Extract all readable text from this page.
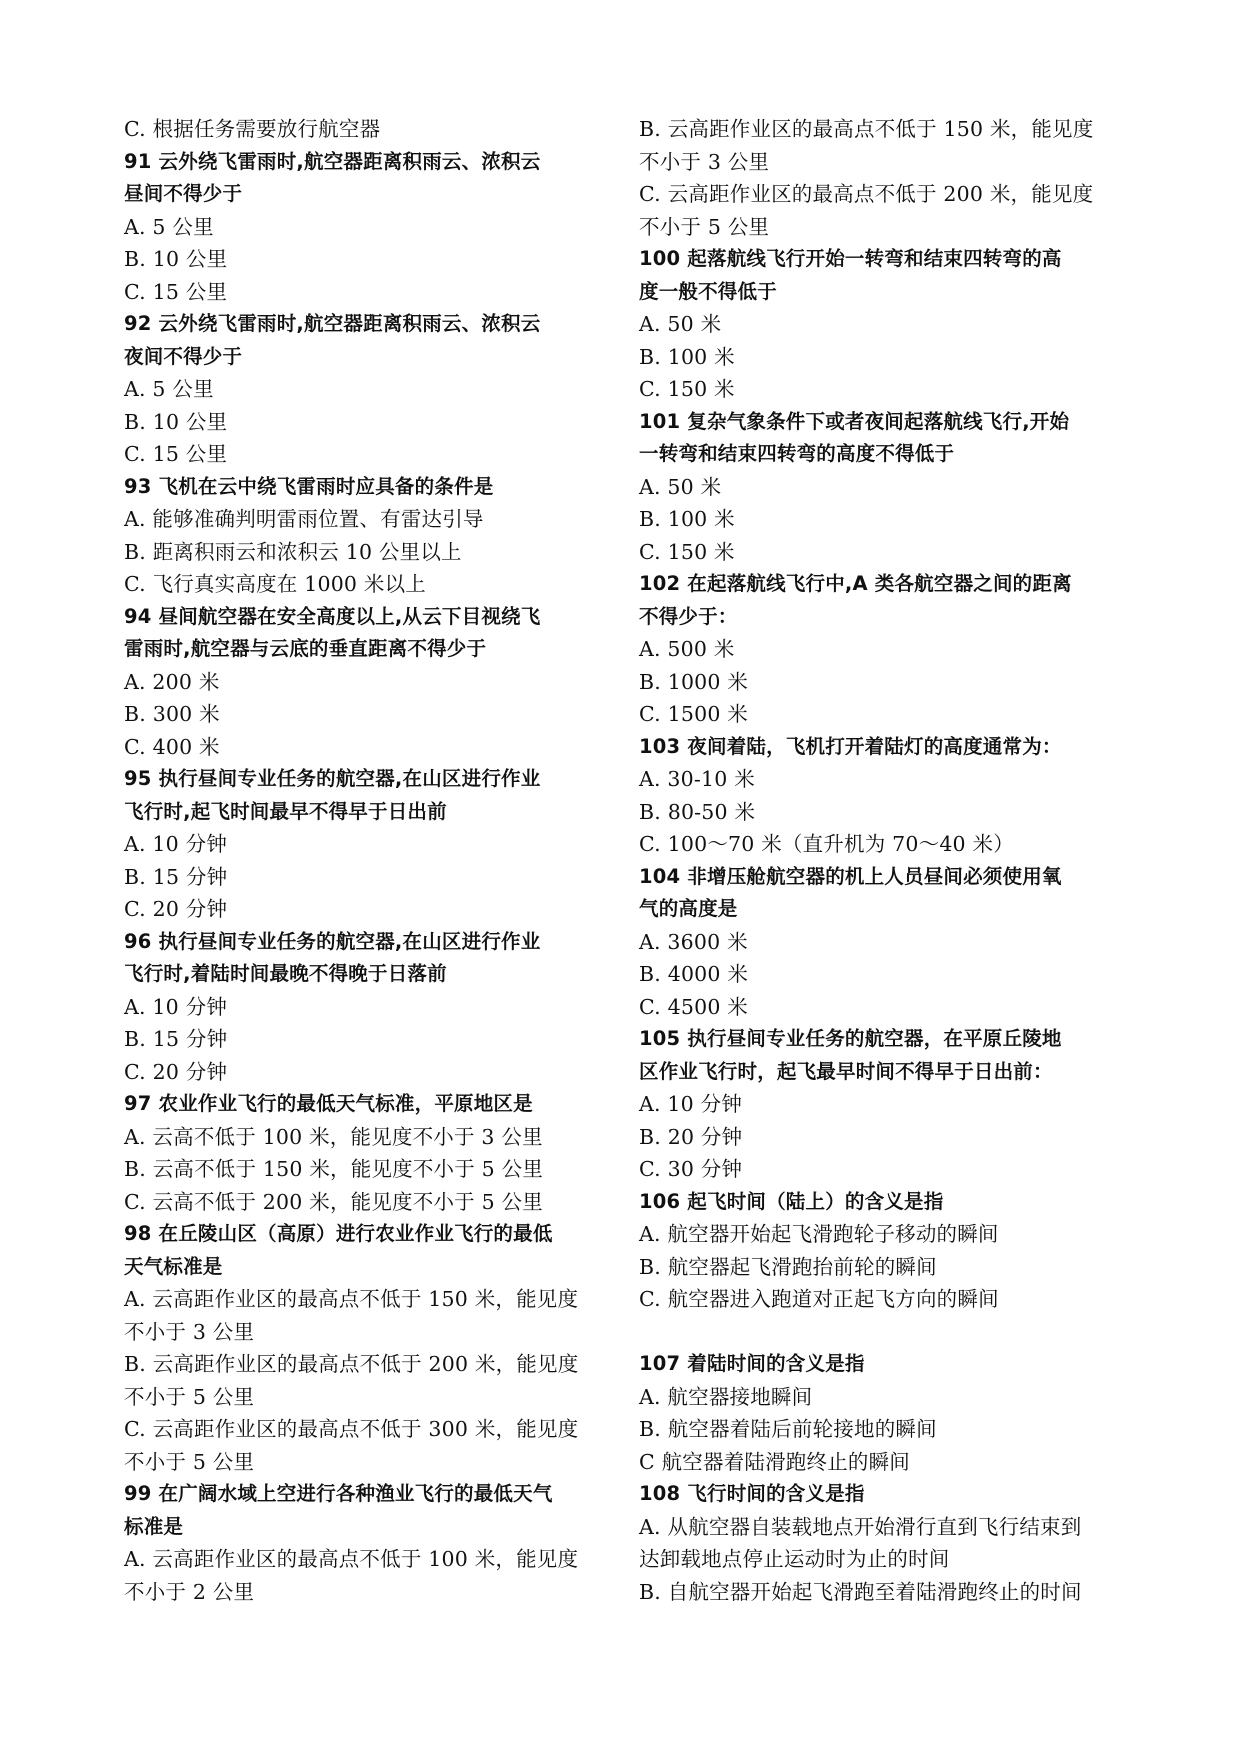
C. 根据任务需要放行航空器
91 云外绕飞雷雨时,航空器距离积雨云、浓积云
昼间不得少于
A. 5 公里
B. 10 公里
C. 15 公里
92 云外绕飞雷雨时,航空器距离积雨云、浓积云
夜间不得少于
A. 5 公里
B. 10 公里
C. 15 公里
93 飞机在云中绕飞雷雨时应具备的条件是
A. 能够准确判明雷雨位置、有雷达引导
B. 距离积雨云和浓积云 10 公里以上
C. 飞行真实高度在 1000 米以上
94 昼间航空器在安全高度以上,从云下目视绕飞
雷雨时,航空器与云底的垂直距离不得少于
A. 200 米
B. 300 米
C. 400 米
95 执行昼间专业任务的航空器,在山区进行作业
飞行时,起飞时间最早不得早于日出前
A. 10 分钟
B. 15 分钟
C. 20 分钟
96 执行昼间专业任务的航空器,在山区进行作业
飞行时,着陆时间最晚不得晚于日落前
A. 10 分钟
B. 15 分钟
C. 20 分钟
97 农业作业飞行的最低天气标准，平原地区是
A. 云高不低于 100 米，能见度不小于 3 公里
B. 云高不低于 150 米，能见度不小于 5 公里
C. 云高不低于 200 米，能见度不小于 5 公里
98 在丘陵山区（高原）进行农业作业飞行的最低
天气标准是
A. 云高距作业区的最高点不低于 150 米，能见度
不小于 3 公里
B. 云高距作业区的最高点不低于 200 米，能见度
不小于 5 公里
C. 云高距作业区的最高点不低于 300 米，能见度
不小于 5 公里
99 在广阔水域上空进行各种渔业飞行的最低天气
标准是
A. 云高距作业区的最高点不低于 100 米，能见度
不小于 2 公里
B. 云高距作业区的最高点不低于 150 米，能见度
不小于 3 公里
C. 云高距作业区的最高点不低于 200 米，能见度
不小于 5 公里
100 起落航线飞行开始一转弯和结束四转弯的高
度一般不得低于
A. 50 米
B. 100 米
C. 150 米
101 复杂气象条件下或者夜间起落航线飞行,开始
一转弯和结束四转弯的高度不得低于
A. 50 米
B. 100 米
C. 150 米
102 在起落航线飞行中,A 类各航空器之间的距离
不得少于：
A. 500 米
B. 1000 米
C. 1500 米
103 夜间着陆，飞机打开着陆灯的高度通常为：
A. 30-10 米
B. 80-50 米
C. 100～70 米（直升机为 70～40 米）
104 非增压舱航空器的机上人员昼间必须使用氧
气的高度是
A. 3600 米
B. 4000 米
C. 4500 米
105 执行昼间专业任务的航空器，在平原丘陵地
区作业飞行时，起飞最早时间不得早于日出前：
A. 10 分钟
B. 20 分钟
C. 30 分钟
106 起飞时间（陆上）的含义是指
A. 航空器开始起飞滑跑轮子移动的瞬间
B. 航空器起飞滑跑抬前轮的瞬间
C. 航空器进入跑道对正起飞方向的瞬间
107 着陆时间的含义是指
A. 航空器接地瞬间
B. 航空器着陆后前轮接地的瞬间
C 航空器着陆滑跑终止的瞬间
108 飞行时间的含义是指
A. 从航空器自装载地点开始滑行直到飞行结束到
达卸载地点停止运动时为止的时间
B. 自航空器开始起飞滑跑至着陆滑跑终止的时间
